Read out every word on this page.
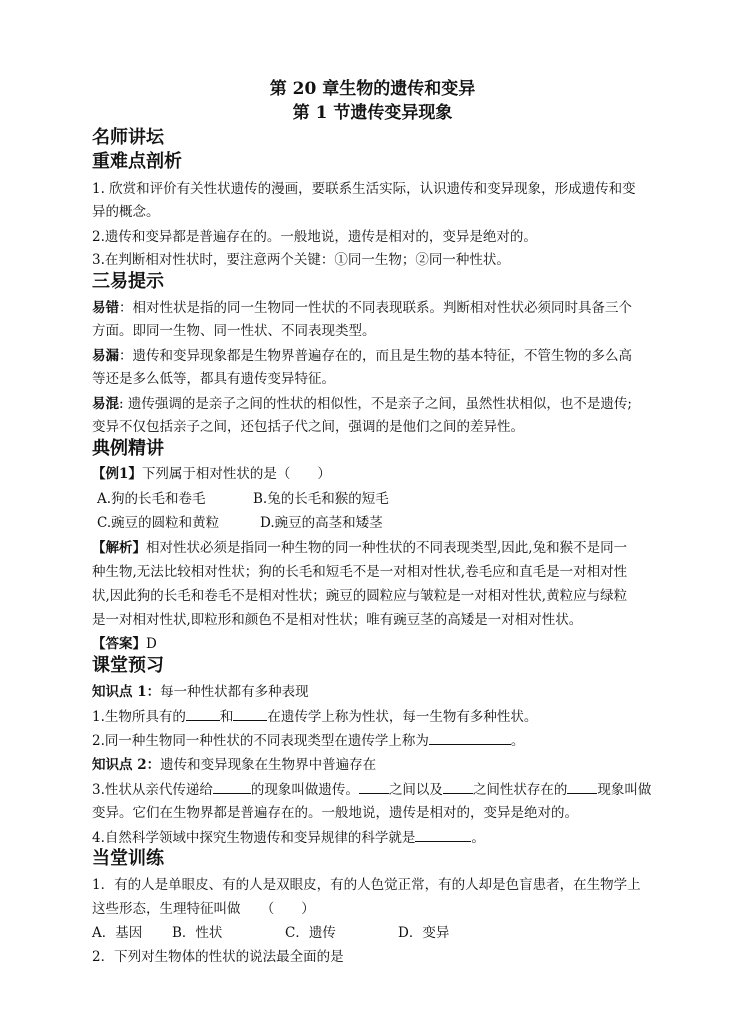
第 20 章生物的遗传和变异
第 1 节遗传变异现象
名师讲坛
重难点剖析
1. 欣赏和评价有关性状遗传的漫画，要联系生活实际，认识遗传和变异现象，形成遗传和变
异的概念。
2.遗传和变异都是普遍存在的。一般地说，遗传是相对的，变异是绝对的。
3.在判断相对性状时，要注意两个关键：①同一生物；②同一种性状。
三易提示
易错：相对性状是指的同一生物同一性状的不同表现联系。判断相对性状必须同时具备三个
方面。即同一生物、同一性状、不同表现类型。
易漏：遗传和变异现象都是生物界普遍存在的，而且是生物的基本特征，不管生物的多么高
等还是多么低等，都具有遗传变异特征。
易混: 遗传强调的是亲子之间的性状的相似性，不是亲子之间，虽然性状相似，也不是遗传;
变异不仅包括亲子之间，还包括子代之间，强调的是他们之间的差异性。
典例精讲
【例1】下列属于相对性状的是（　　）
A.狗的长毛和卷毛	B.兔的长毛和猴的短毛
C.豌豆的圆粒和黄粒	D.豌豆的高茎和矮茎
【解析】相对性状必须是指同一种生物的同一种性状的不同表现类型,因此,兔和猴不是同一
种生物,无法比较相对性状；狗的长毛和短毛不是一对相对性状,卷毛应和直毛是一对相对性
状,因此狗的长毛和卷毛不是相对性状；豌豆的圆粒应与皱粒是一对相对性状,黄粒应与绿粒
是一对相对性状,即粒形和颜色不是相对性状；唯有豌豆茎的高矮是一对相对性状。
【答案】D
课堂预习
知识点 1：每一种性状都有多种表现
1.生物所具有的	和	在遗传学上称为性状，每一生物有多种性状。
2.同一种生物同一种性状的不同表现类型在遗传学上称为	。
知识点 2：遗传和变异现象在生物界中普遍存在
3.性状从亲代传递给	的现象叫做遗传。 之间以及 之间性状存在的 现象叫做
变异。它们在生物界都是普遍存在的。一般地说，遗传是相对的，变异是绝对的。
4.自然科学领域中探究生物遗传和变异规律的科学就是	。
当堂训练
1．有的人是单眼皮、有的人是双眼皮，有的人色觉正常，有的人却是色盲患者，在生物学上
这些形态，生理特征叫做　　（　　）
A．基因 B．性状	C．遗传	D．变异
2．下列对生物体的性状的说法最全面的是
